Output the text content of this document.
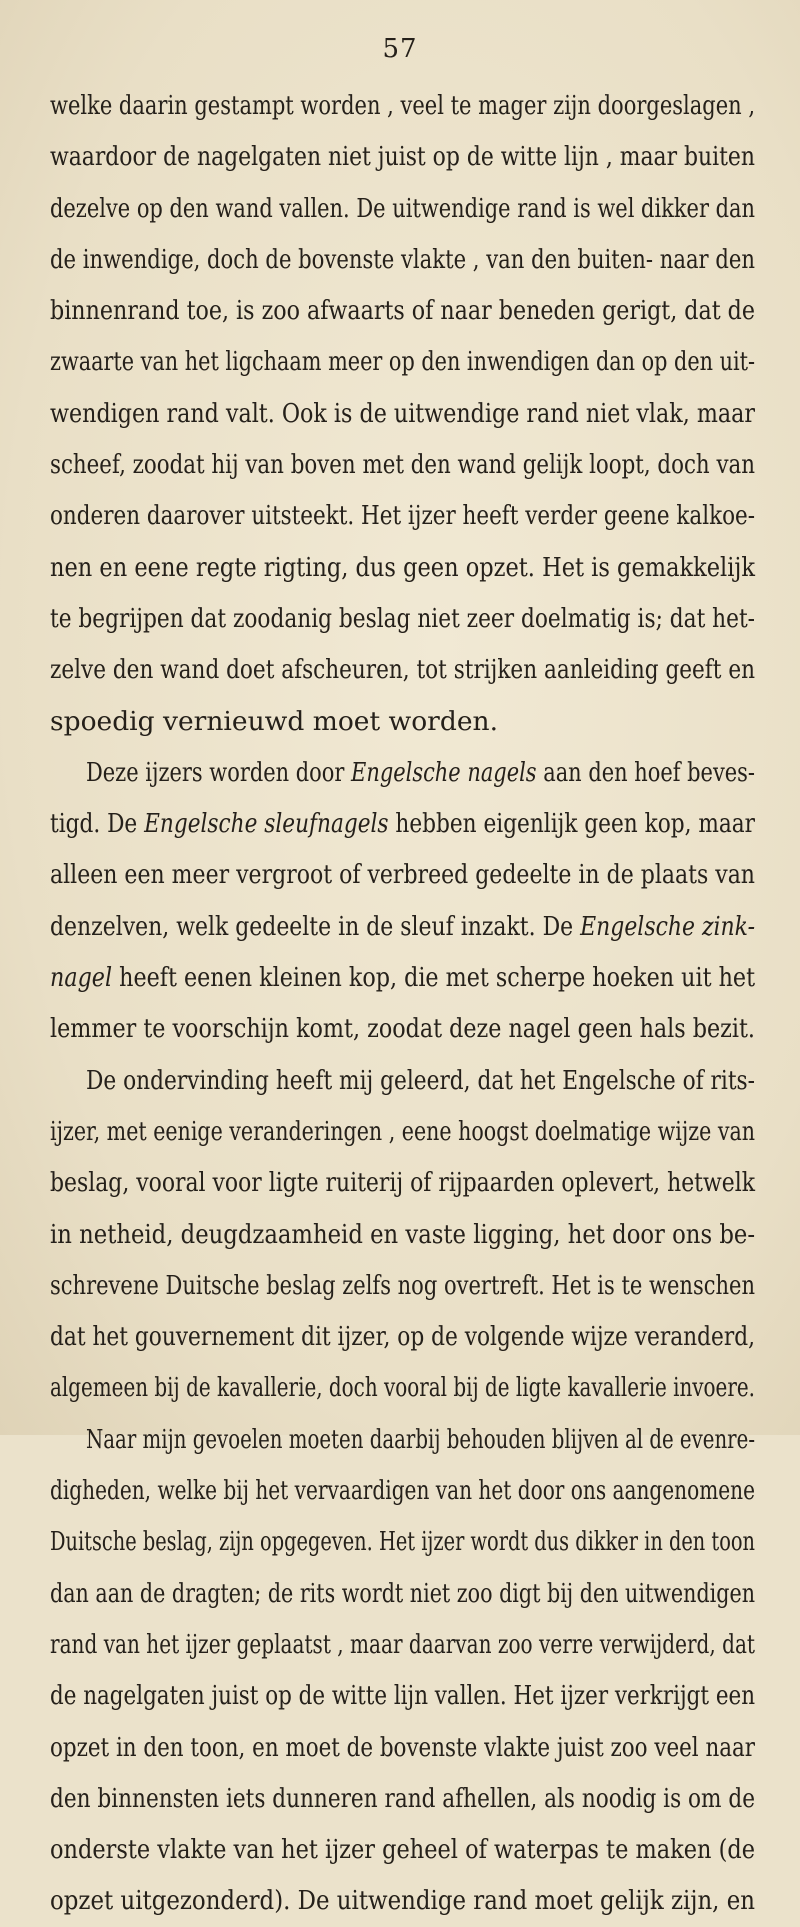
57
welke daarin gestampt worden , veel te mager zijn doorgeslagen ,
waardoor de nagelgaten niet juist op de witte lijn , maar buiten
dezelve op den wand vallen. De uitwendige rand is wel dikker dan
de inwendige, doch de bovenste vlakte , van den buiten- naar den
binnenrand toe, is zoo afwaarts of naar beneden gerigt, dat de
zwaarte van het ligchaam meer op den inwendigen dan op den uit-
wendigen rand valt. Ook is de uitwendige rand niet vlak, maar
scheef, zoodat hij van boven met den wand gelijk loopt, doch van
onderen daarover uitsteekt. Het ijzer heeft verder geene kalkoe-
nen en eene regte rigting, dus geen opzet. Het is gemakkelijk
te begrijpen dat zoodanig beslag niet zeer doelmatig is; dat het-
zelve den wand doet afscheuren, tot strijken aanleiding geeft en
spoedig vernieuwd moet worden.
Deze ijzers worden door Engelsche nagels aan den hoef beves-
tigd. De Engelsche sleufnagels hebben eigenlijk geen kop, maar
alleen een meer vergroot of verbreed gedeelte in de plaats van
denzelven, welk gedeelte in de sleuf inzakt. De Engelsche zink-
nagel heeft eenen kleinen kop, die met scherpe hoeken uit het
lemmer te voorschijn komt, zoodat deze nagel geen hals bezit.
De ondervinding heeft mij geleerd, dat het Engelsche of rits-
ijzer, met eenige veranderingen , eene hoogst doelmatige wijze van
beslag, vooral voor ligte ruiterij of rijpaarden oplevert, hetwelk
in netheid, deugdzaamheid en vaste ligging, het door ons be-
schrevene Duitsche beslag zelfs nog overtreft. Het is te wenschen
dat het gouvernement dit ijzer, op de volgende wijze veranderd,
algemeen bij de kavallerie, doch vooral bij de ligte kavallerie invoere.
Naar mijn gevoelen moeten daarbij behouden blijven al de evenre-
digheden, welke bij het vervaardigen van het door ons aangenomene
Duitsche beslag, zijn opgegeven. Het ijzer wordt dus dikker in den toon
dan aan de dragten; de rits wordt niet zoo digt bij den uitwendigen
rand van het ijzer geplaatst , maar daarvan zoo verre verwijderd, dat
de nagelgaten juist op de witte lijn vallen. Het ijzer verkrijgt een
opzet in den toon, en moet de bovenste vlakte juist zoo veel naar
den binnensten iets dunneren rand afhellen, als noodig is om de
onderste vlakte van het ijzer geheel of waterpas te maken (de
opzet uitgezonderd). De uitwendige rand moet gelijk zijn, en
